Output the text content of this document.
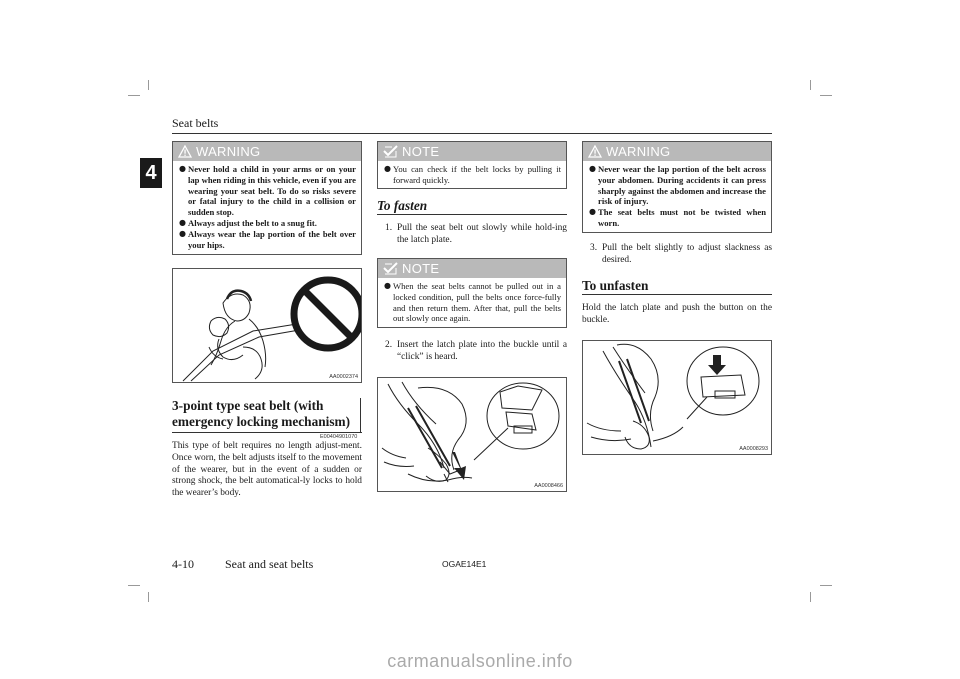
Seat belts
4
WARNING
● Never hold a child in your arms or on your lap when riding in this vehicle, even if you are wearing your seat belt. To do so risks severe or fatal injury to the child in a collision or sudden stop.
● Always adjust the belt to a snug fit.
● Always wear the lap portion of the belt over your hips.
AA0002374
3-point type seat belt (with
emergency locking mechanism)
E00404901070
This type of belt requires no length adjust-ment. Once worn, the belt adjusts itself to the movement of the wearer, but in the event of a sudden or strong shock, the belt automatical-ly locks to hold the wearer’s body.
NOTE
● You can check if the belt locks by pulling it forward quickly.
To fasten
1. Pull the seat belt out slowly while hold-ing the latch plate.
NOTE
● When the seat belts cannot be pulled out in a locked condition, pull the belts once force-fully and then return them. After that, pull the belts out slowly once again.
2. Insert the latch plate into the buckle until a “click” is heard.
AA0008466
WARNING
● Never wear the lap portion of the belt across your abdomen. During accidents it can press sharply against the abdomen and increase the risk of injury.
● The seat belts must not be twisted when worn.
3. Pull the belt slightly to adjust slackness as desired.
To unfasten
Hold the latch plate and push the button on the buckle.
AA0008293
4-10	Seat and seat belts	OGAE14E1
carmanualsonline.info
